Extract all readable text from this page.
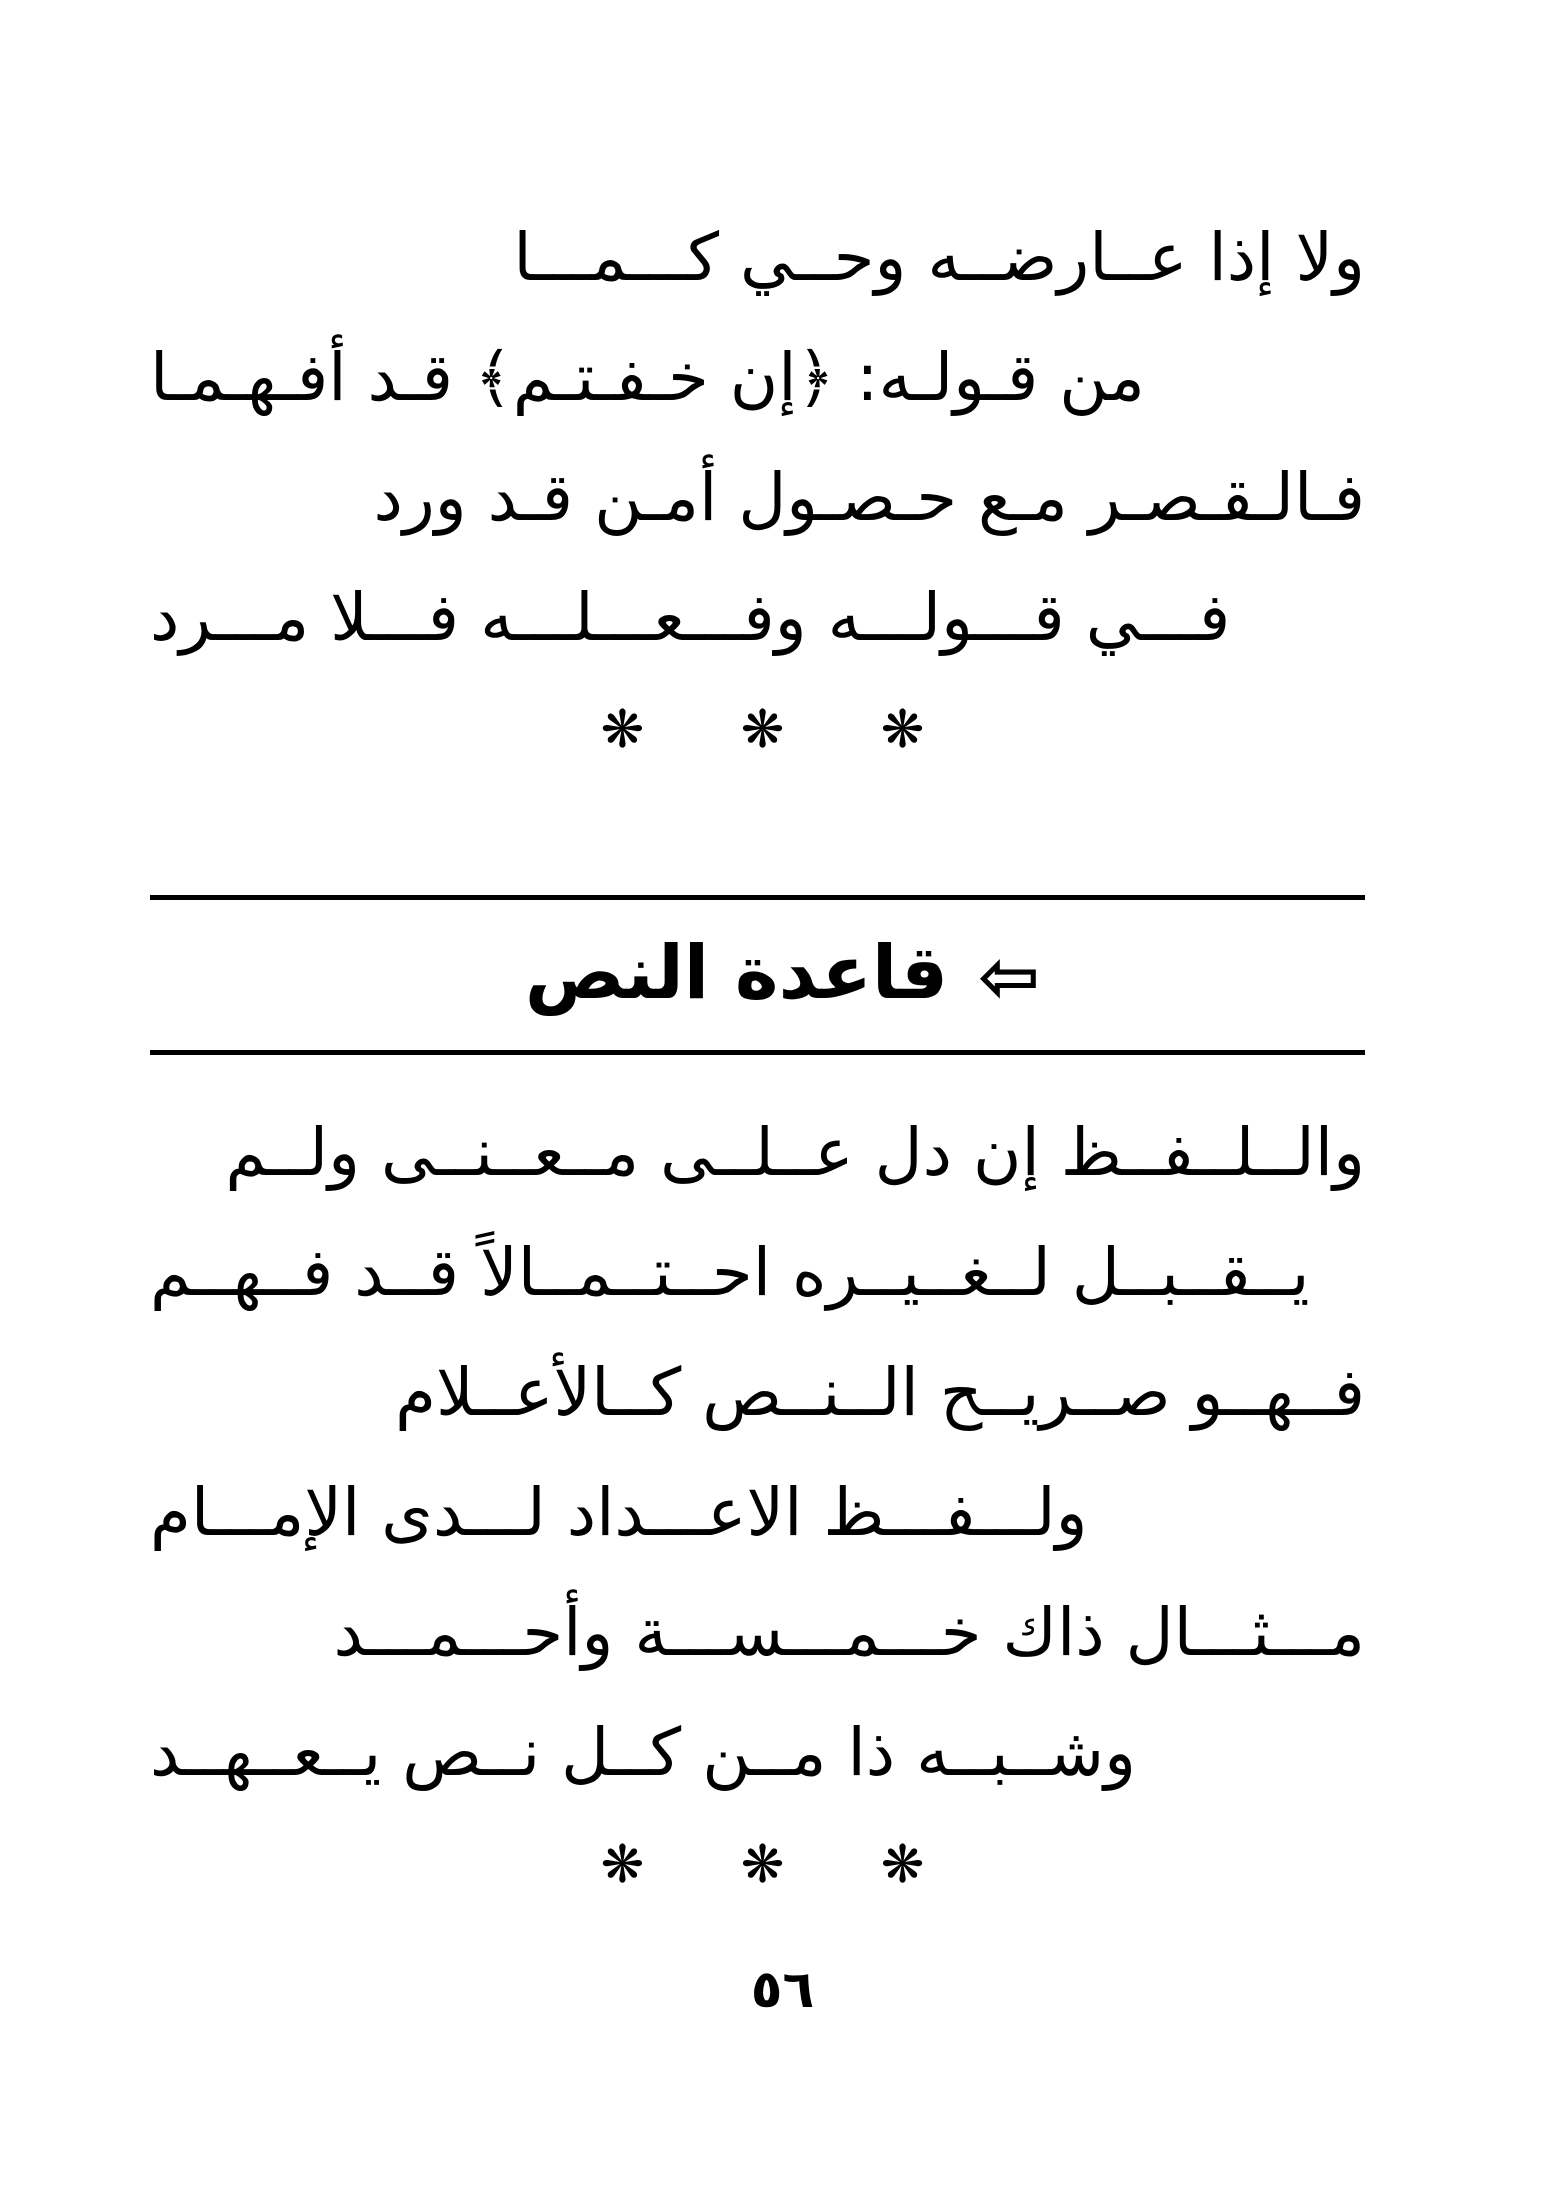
ولا إذا عــارضــه وحــي كـــمـــا
من قـولـه: ﴿إن خـفـتـم﴾ قـد أفـهـمـا
فـالـقـصـر مـع حـصـول أمـن قـد ورد
فـــي قـــولـــه وفـــعـــلـــه فـــلا مـــرد
❋ ❋ ❋
⇦قاعدة النص
والــلــفــظ إن دل عــلــى مــعــنــى ولــم
يــقــبــل لــغــيــره احــتــمــالاً قــد فــهــم
فــهــو صــريــح الــنــص كــالأعــلام
ولـــفـــظ الاعـــداد لـــدى الإمـــام
مـــثـــال ذاك خـــمـــســـة وأحـــمـــد
وشــبــه ذا مــن كــل نــص يــعــهــد
❋ ❋ ❋
٥٦
